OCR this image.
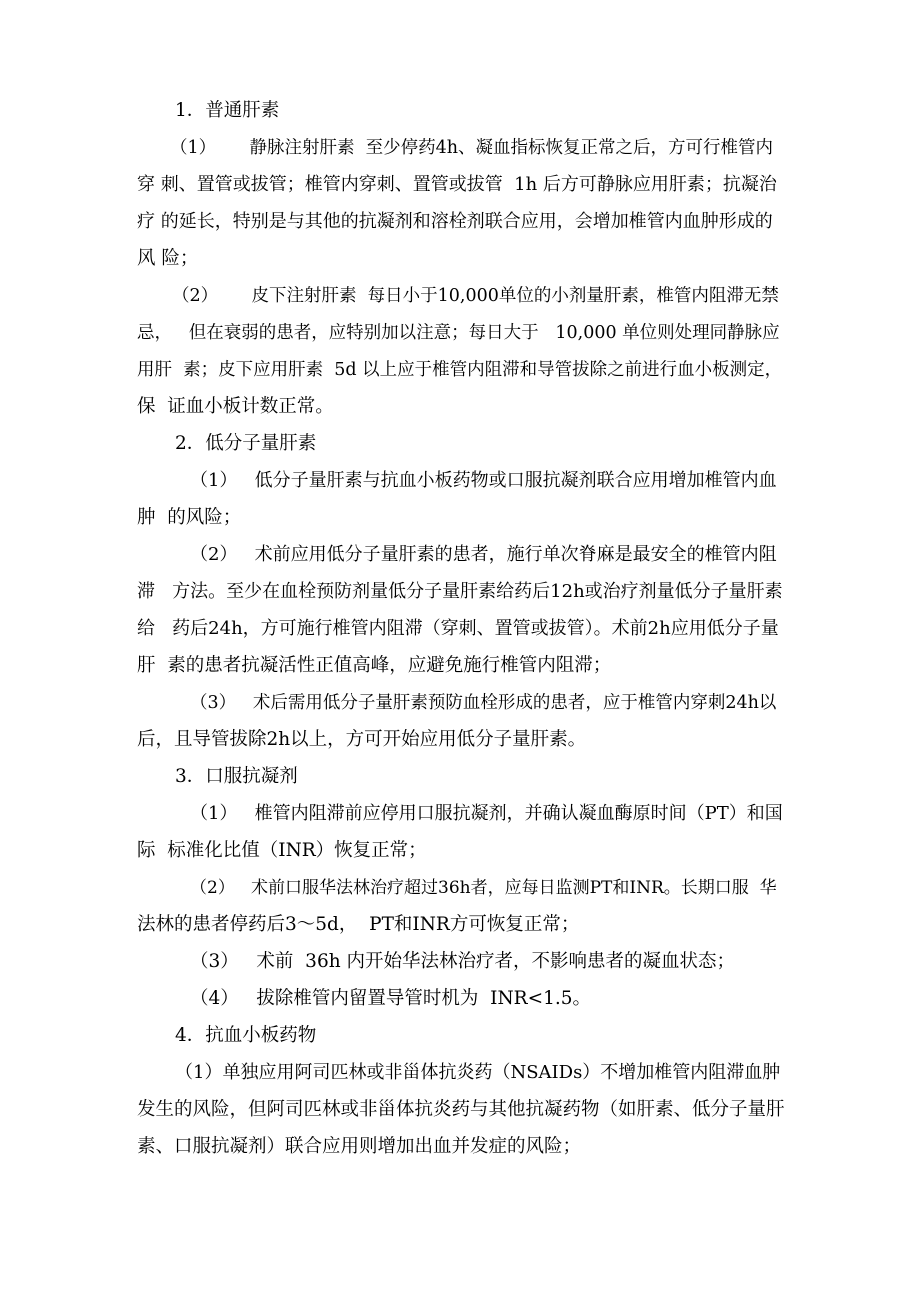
1．普通肝素
（1）      静脉注射肝素  至少停药4h、凝血指标恢复正常之后，方可行椎管内
穿 刺、置管或拔管；椎管内穿刺、置管或拔管  1h 后方可静脉应用肝素；抗凝治
疗 的延长，特别是与其他的抗凝剂和溶栓剂联合应用，会增加椎管内血肿形成的
风 险；
（2）      皮下注射肝素  每日小于10,000单位的小剂量肝素，椎管内阻滞无禁
忌，   但在衰弱的患者，应特别加以注意；每日大于   10,000 单位则处理同静脉应
用肝  素；皮下应用肝素  5d 以上应于椎管内阻滞和导管拔除之前进行血小板测定，
保  证血小板计数正常。
2．低分子量肝素
（1）   低分子量肝素与抗血小板药物或口服抗凝剂联合应用增加椎管内血
肿  的风险；
（2）   术前应用低分子量肝素的患者，施行单次脊麻是最安全的椎管内阻
滞   方法。至少在血栓预防剂量低分子量肝素给药后12h或治疗剂量低分子量肝素
给   药后24h，方可施行椎管内阻滞（穿刺、置管或拔管）。术前2h应用低分子量
肝  素的患者抗凝活性正值高峰，应避免施行椎管内阻滞；
（3）   术后需用低分子量肝素预防血栓形成的患者，应于椎管内穿刺24h以
后，且导管拔除2h以上，方可开始应用低分子量肝素。
3．口服抗凝剂
（1）   椎管内阻滞前应停用口服抗凝剂，并确认凝血酶原时间（PT）和国
际  标准化比值（INR）恢复正常；
（2）   术前口服华法林治疗超过36h者，应每日监测PT和INR。长期口服  华
法林的患者停药后3～5d，  PT和INR方可恢复正常；
（3）   术前  36h 内开始华法林治疗者，不影响患者的凝血状态；
（4）   拔除椎管内留置导管时机为  INR<1.5。
4．抗血小板药物
（1）单独应用阿司匹林或非甾体抗炎药（NSAIDs）不增加椎管内阻滞血肿
发生的风险，但阿司匹林或非甾体抗炎药与其他抗凝药物（如肝素、低分子量肝
素、口服抗凝剂）联合应用则增加出血并发症的风险；
